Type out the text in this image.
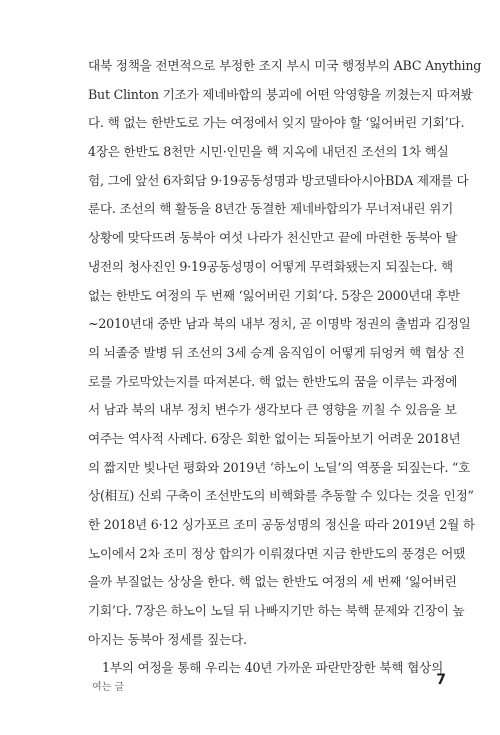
대북 정책을 전면적으로 부정한 조지 부시 미국 행정부의 ABC Anything
But Clinton 기조가 제네바합의 붕괴에 어떤 악영향을 끼쳤는지 따져봤
다. 핵 없는 한반도로 가는 여정에서 잊지 말아야 할 ‘잃어버린 기회’다.
4장은 한반도 8천만 시민·인민을 핵 지옥에 내던진 조선의 1차 핵실
험, 그에 앞선 6자회담 9·19공동성명과 방코델타아시아BDA 제재를 다
룬다. 조선의 핵 활동을 8년간 동결한 제네바합의가 무너져내린 위기
상황에 맞닥뜨려 동북아 여섯 나라가 천신만고 끝에 마련한 동북아 탈
냉전의 청사진인 9·19공동성명이 어떻게 무력화됐는지 되짚는다. 핵
없는 한반도 여정의 두 번째 ‘잃어버린 기회’다. 5장은 2000년대 후반
~2010년대 중반 남과 북의 내부 정치, 곧 이명박 정권의 출범과 김정일
의 뇌졸중 발병 뒤 조선의 3세 승계 움직임이 어떻게 뒤엉켜 핵 협상 진
로를 가로막았는지를 따져본다. 핵 없는 한반도의 꿈을 이루는 과정에
서 남과 북의 내부 정치 변수가 생각보다 큰 영향을 끼칠 수 있음을 보
여주는 역사적 사례다. 6장은 회한 없이는 되돌아보기 어려운 2018년
의 짧지만 빛나던 평화와 2019년 ‘하노이 노딜’의 역풍을 되짚는다. “호
상(相互) 신뢰 구축이 조선반도의 비핵화를 추동할 수 있다는 것을 인정”
한 2018년 6·12 싱가포르 조미 공동성명의 정신을 따라 2019년 2월 하
노이에서 2차 조미 정상 합의가 이뤄졌다면 지금 한반도의 풍경은 어땠
을까 부질없는 상상을 한다. 핵 없는 한반도 여정의 세 번째 ‘잃어버린
기회’다. 7장은 하노이 노딜 뒤 나빠지기만 하는 북핵 문제와 긴장이 높
아지는 동북아 정세를 짚는다.
1부의 여정을 통해 우리는 40년 가까운 파란만장한 북핵 협상의
여는 글	7
